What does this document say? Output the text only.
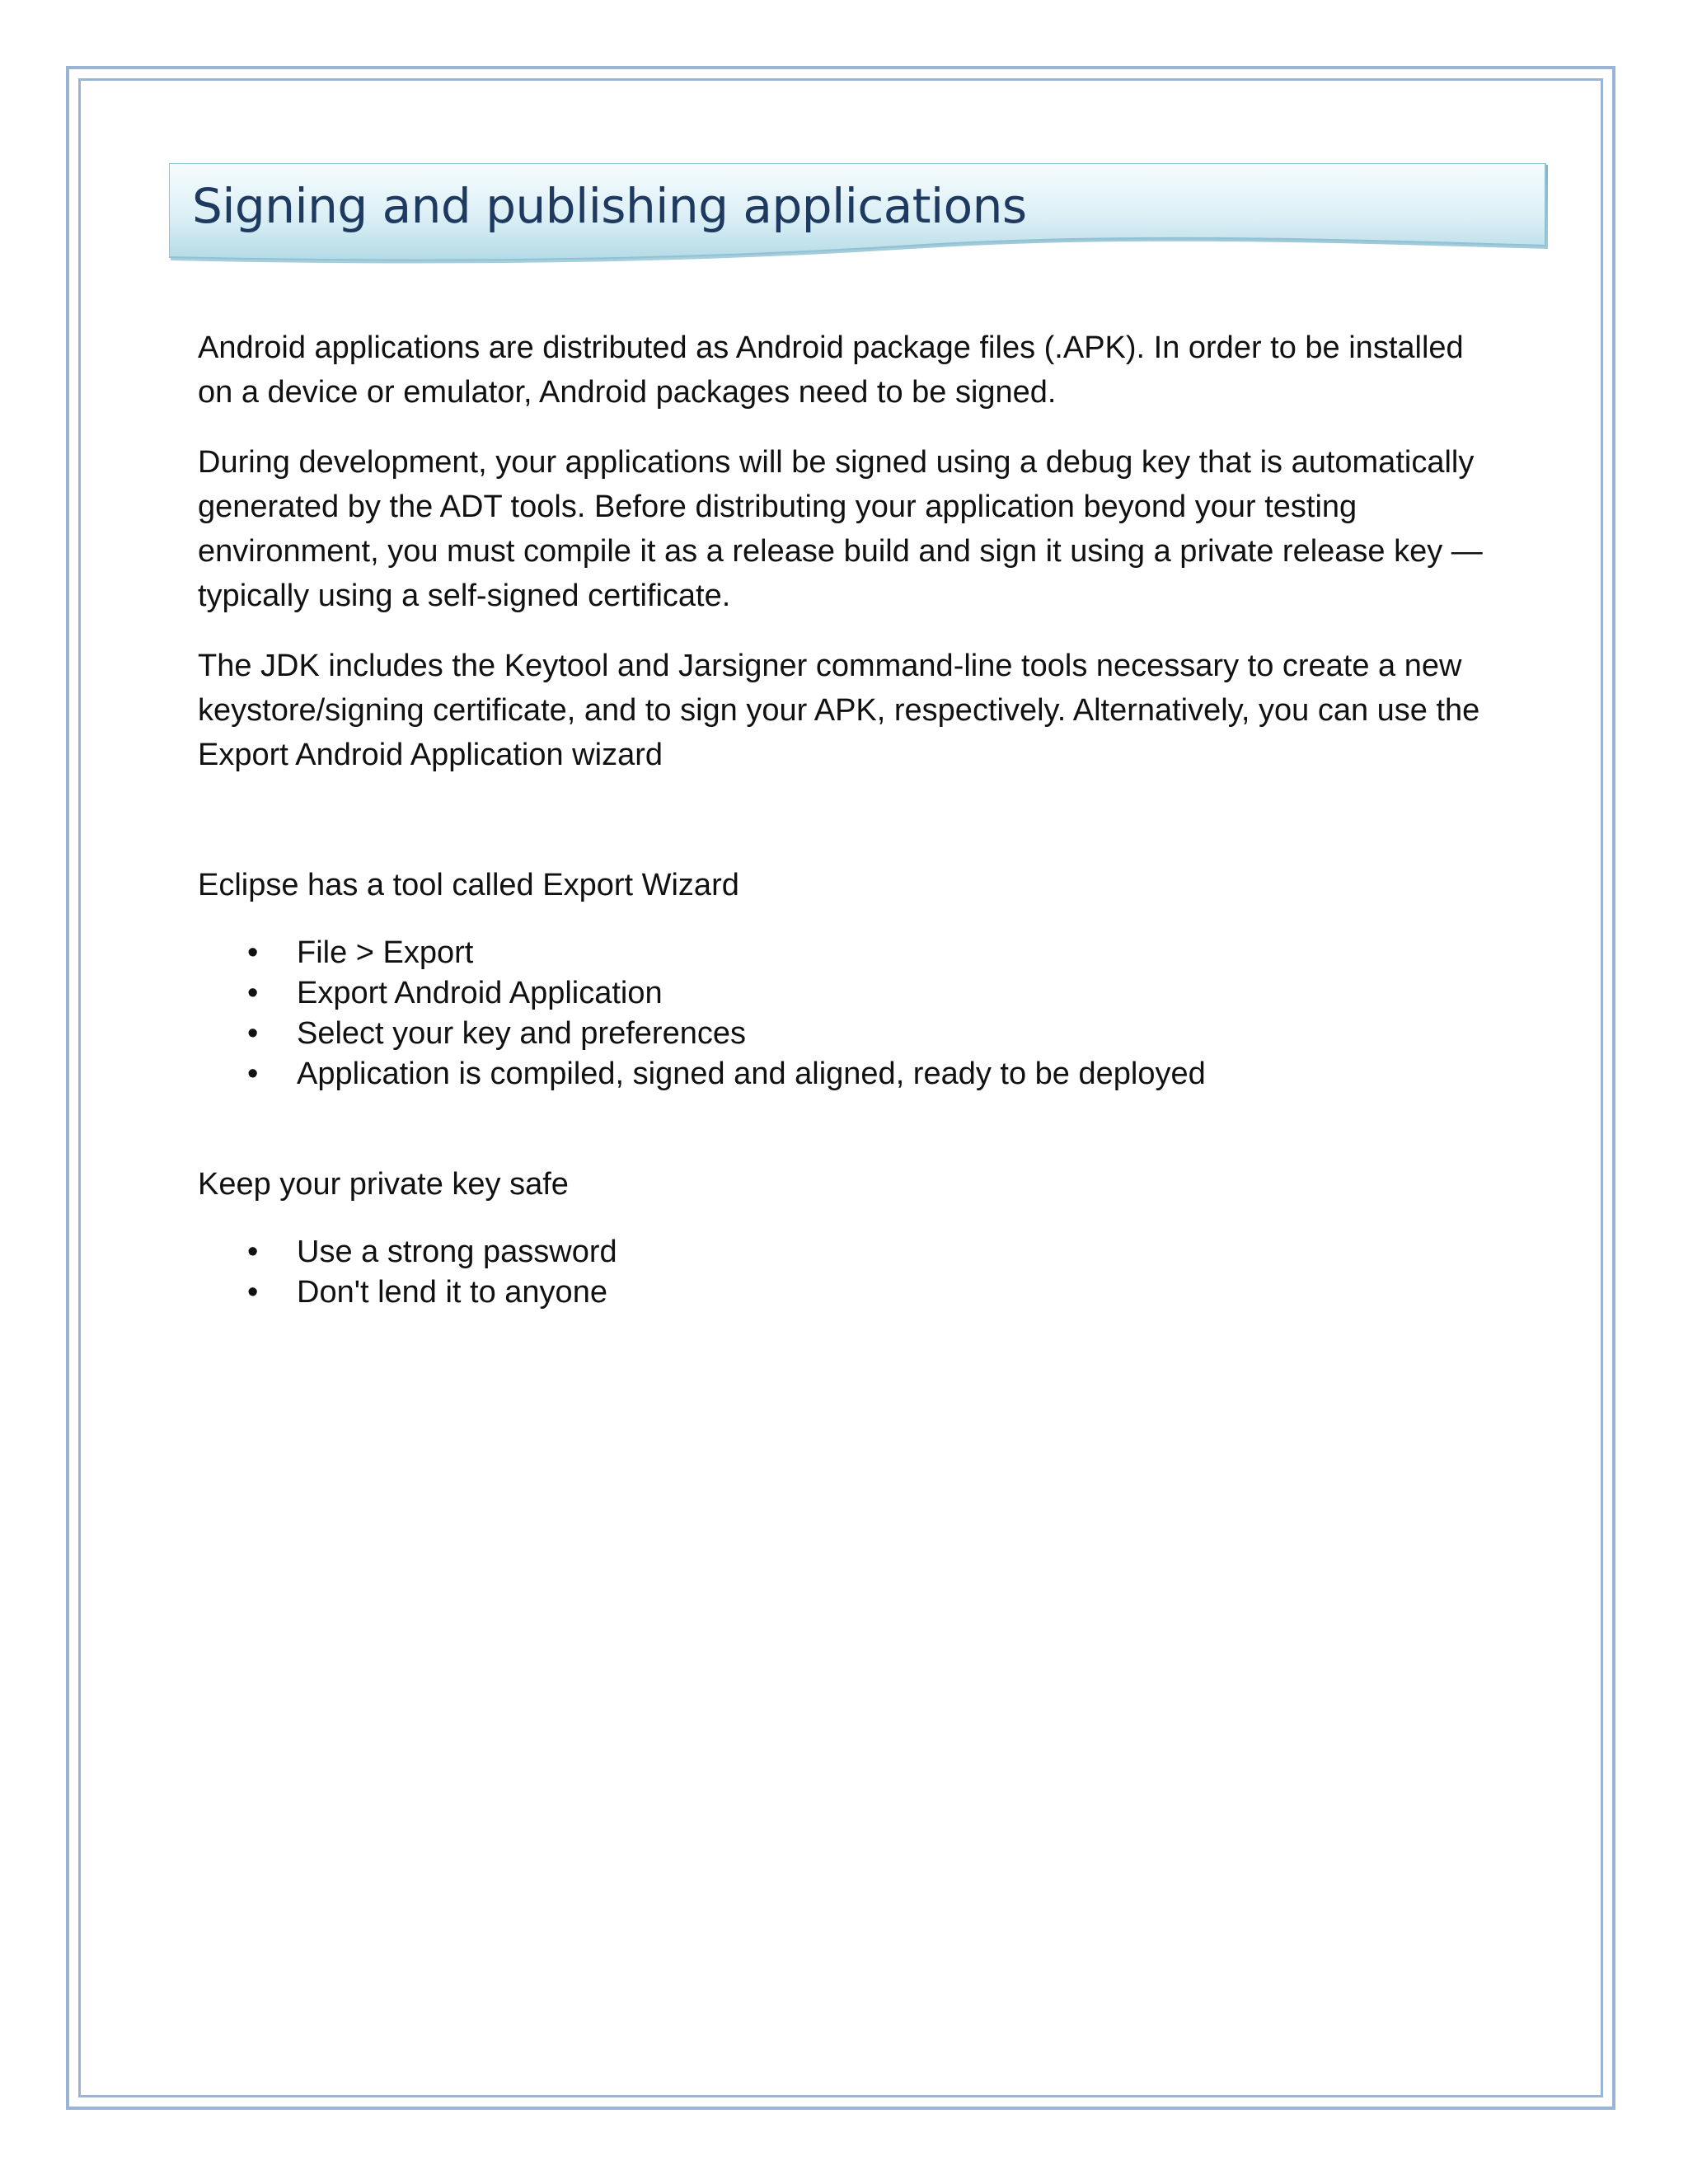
Signing and publishing applications

Android applications are distributed as Android package files (.APK). In order to be installed on a device or emulator, Android packages need to be signed.

During development, your applications will be signed using a debug key that is automatically generated by the ADT tools. Before distributing your application beyond your testing environment, you must compile it as a release build and sign it using a private release key — typically using a self-signed certificate.

The JDK includes the Keytool and Jarsigner command-line tools necessary to create a new keystore/signing certificate, and to sign your APK, respectively. Alternatively, you can use the Export Android Application wizard

Eclipse has a tool called Export Wizard

• File > Export
• Export Android Application
• Select your key and preferences
• Application is compiled, signed and aligned, ready to be deployed

Keep your private key safe

• Use a strong password
• Don't lend it to anyone
